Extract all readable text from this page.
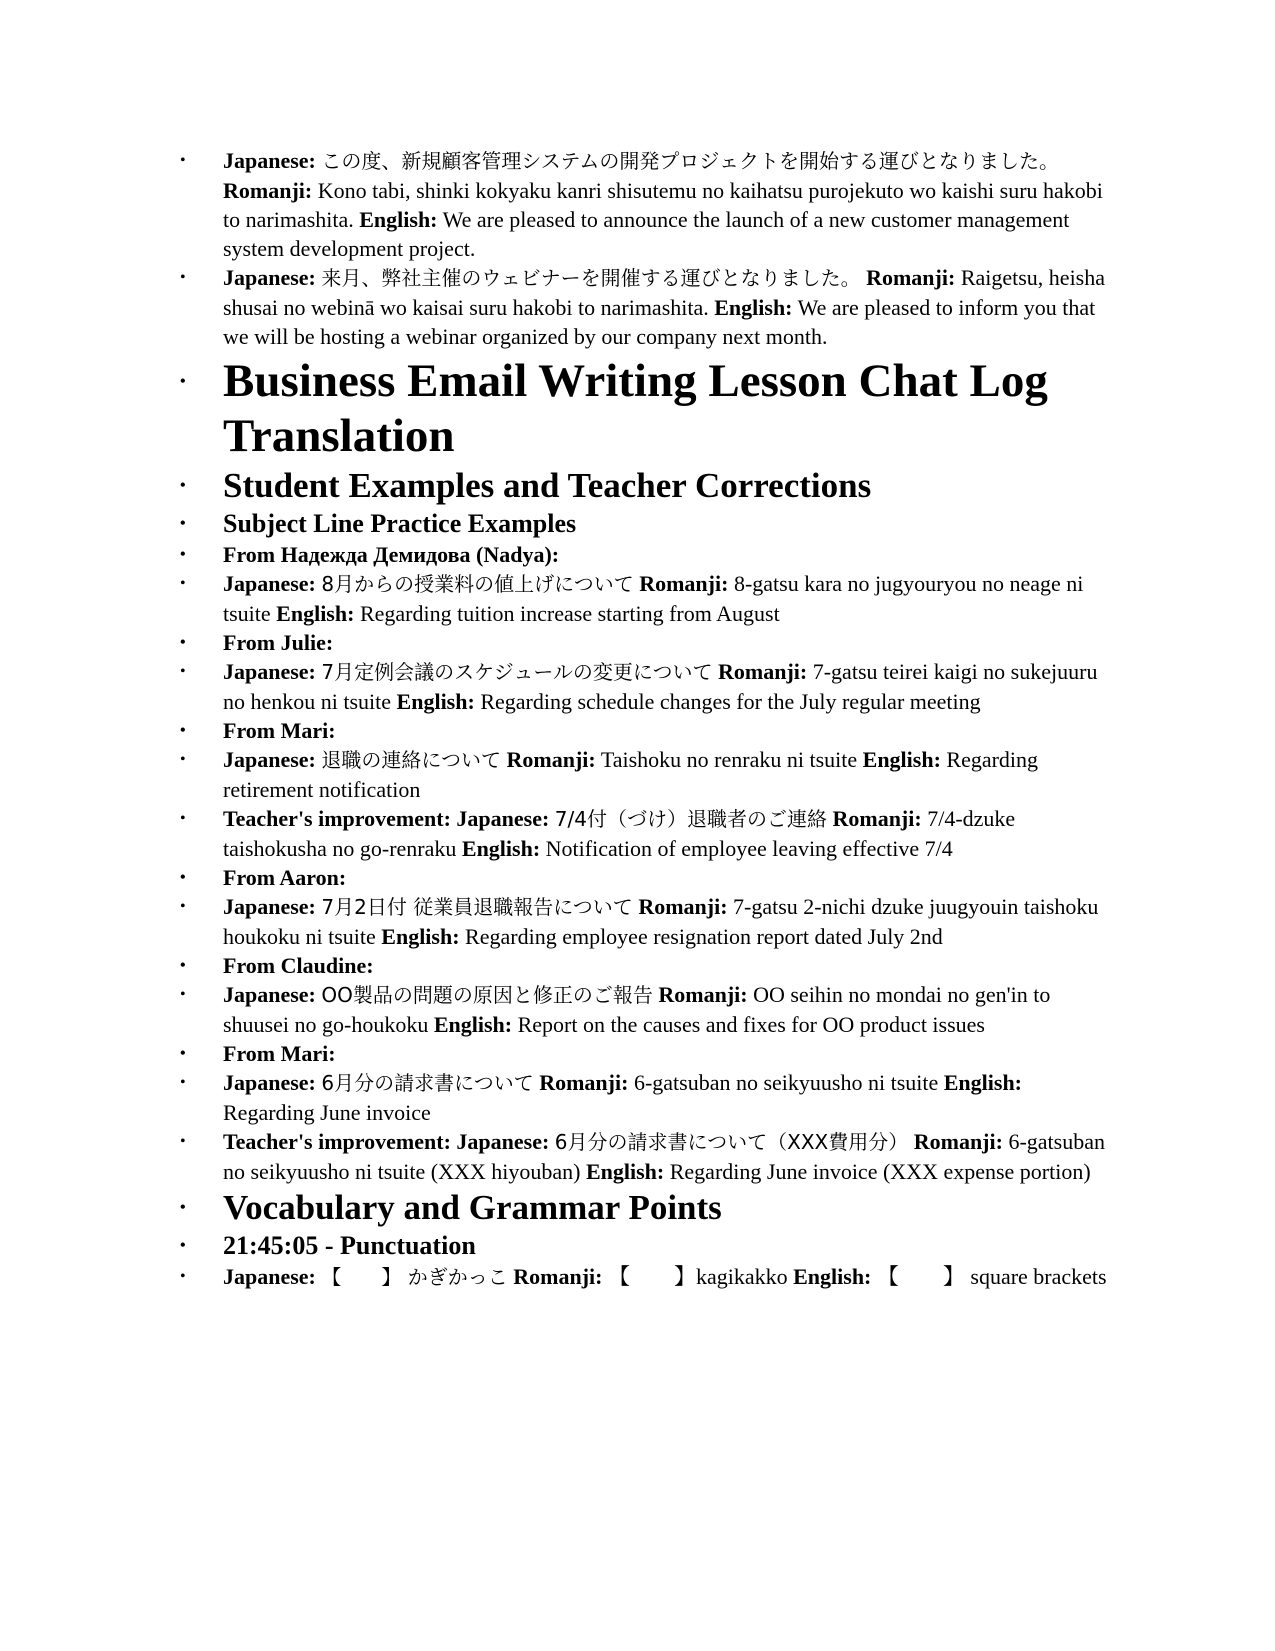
• Japanese: この度、新規顧客管理システムの開発プロジェクトを開始する運びとなりました。 Romanji: Kono tabi, shinki kokyaku kanri shisutemu no kaihatsu purojekuto wo kaishi suru hakobi to narimashita. English: We are pleased to announce the launch of a new customer management system development project.
• Japanese: 来月、弊社主催のウェビナーを開催する運びとなりました。 Romanji: Raigetsu, heisha shusai no webinā wo kaisai suru hakobi to narimashita. English: We are pleased to inform you that we will be hosting a webinar organized by our company next month.
• Business Email Writing Lesson Chat Log Translation
• Student Examples and Teacher Corrections
• Subject Line Practice Examples
• From Надежда Демидова (Nadya):
• Japanese: 8月からの授業料の値上げについて Romanji: 8-gatsu kara no jugyouryou no neage ni tsuite English: Regarding tuition increase starting from August
• From Julie:
• Japanese: 7月定例会議のスケジュールの変更について Romanji: 7-gatsu teirei kaigi no sukejuuru no henkou ni tsuite English: Regarding schedule changes for the July regular meeting
• From Mari:
• Japanese: 退職の連絡について Romanji: Taishoku no renraku ni tsuite English: Regarding retirement notification
• Teacher's improvement: Japanese: 7/4付（づけ）退職者のご連絡 Romanji: 7/4-dzuke taishokusha no go-renraku English: Notification of employee leaving effective 7/4
• From Aaron:
• Japanese: 7月2日付 従業員退職報告について Romanji: 7-gatsu 2-nichi dzuke juugyouin taishoku houkoku ni tsuite English: Regarding employee resignation report dated July 2nd
• From Claudine:
• Japanese: OO製品の問題の原因と修正のご報告 Romanji: OO seihin no mondai no gen'in to shuusei no go-houkoku English: Report on the causes and fixes for OO product issues
• From Mari:
• Japanese: 6月分の請求書について Romanji: 6-gatsuban no seikyuusho ni tsuite English: Regarding June invoice
• Teacher's improvement: Japanese: 6月分の請求書について（XXX費用分） Romanji: 6-gatsuban no seikyuusho ni tsuite (XXX hiyouban) English: Regarding June invoice (XXX expense portion)
• Vocabulary and Grammar Points
• 21:45:05 - Punctuation
• Japanese: 【　　】 かぎかっこ Romanji: 【　　】kagikakko English: 【　　】 square brackets
